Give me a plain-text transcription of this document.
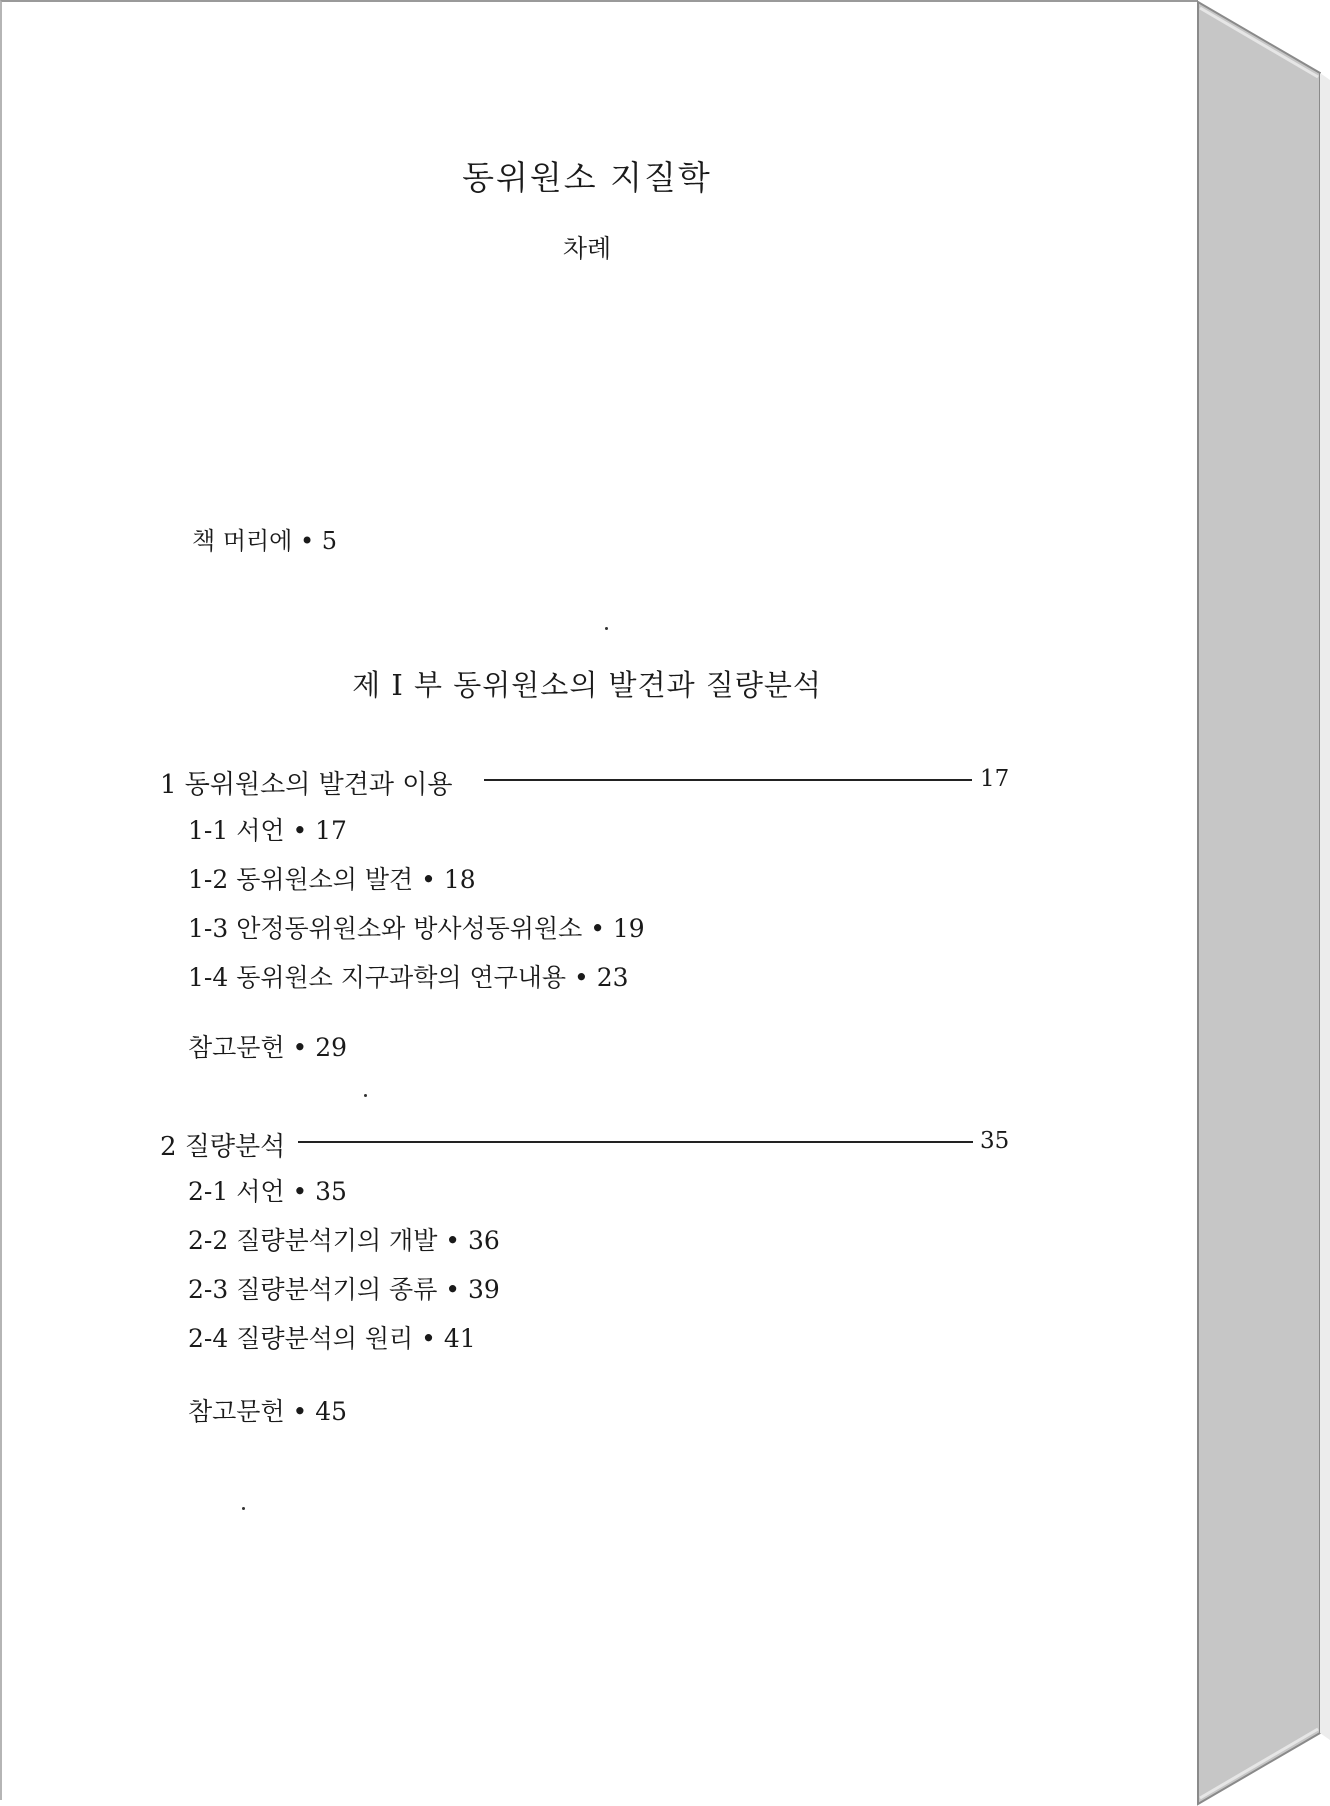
동위원소 지질학
차례
책 머리에 • 5
제 I 부 동위원소의 발견과 질량분석
1 동위원소의 발견과 이용	17
1-1 서언 • 17
1-2 동위원소의 발견 • 18
1-3 안정동위원소와 방사성동위원소 • 19
1-4 동위원소 지구과학의 연구내용 • 23
참고문헌 • 29
2 질량분석	35
2-1 서언 • 35
2-2 질량분석기의 개발 • 36
2-3 질량분석기의 종류 • 39
2-4 질량분석의 원리 • 41
참고문헌 • 45
